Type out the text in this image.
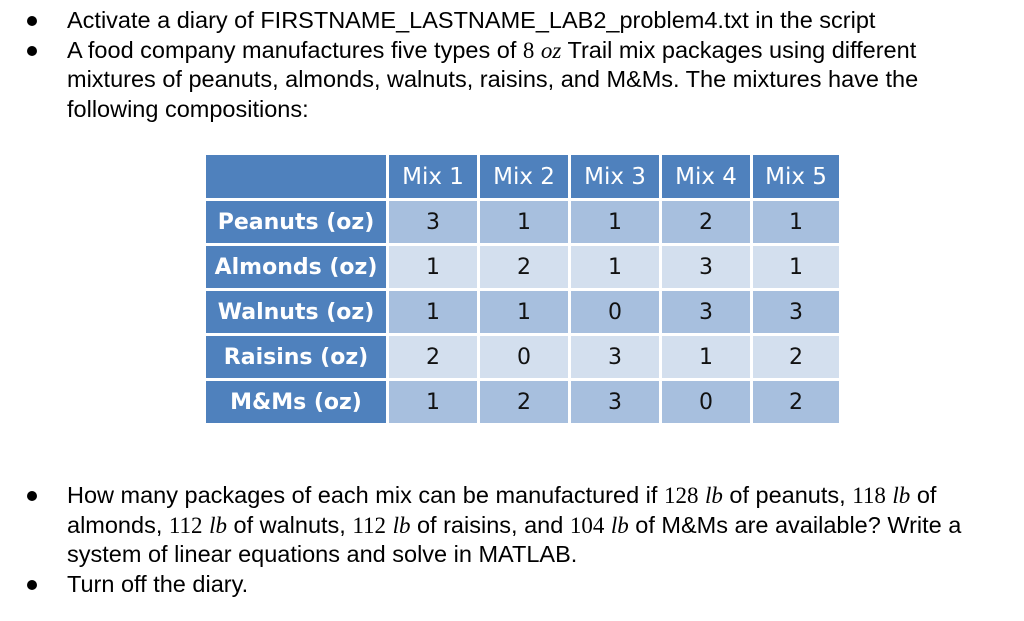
Activate a diary of FIRSTNAME_LASTNAME_LAB2_problem4.txt in the script
A food company manufactures five types of 8 oz Trail mix packages using different mixtures of peanuts, almonds, walnuts, raisins, and M&Ms. The mixtures have the following compositions:
	Mix 1	Mix 2	Mix 3	Mix 4	Mix 5
Peanuts (oz)	3	1	1	2	1
Almonds (oz)	1	2	1	3	1
Walnuts (oz)	1	1	0	3	3
Raisins (oz)	2	0	3	1	2
M&Ms (oz)	1	2	3	0	2
How many packages of each mix can be manufactured if 128 lb of peanuts, 118 lb of almonds, 112 lb of walnuts, 112 lb of raisins, and 104 lb of M&Ms are available? Write a system of linear equations and solve in MATLAB.
Turn off the diary.
